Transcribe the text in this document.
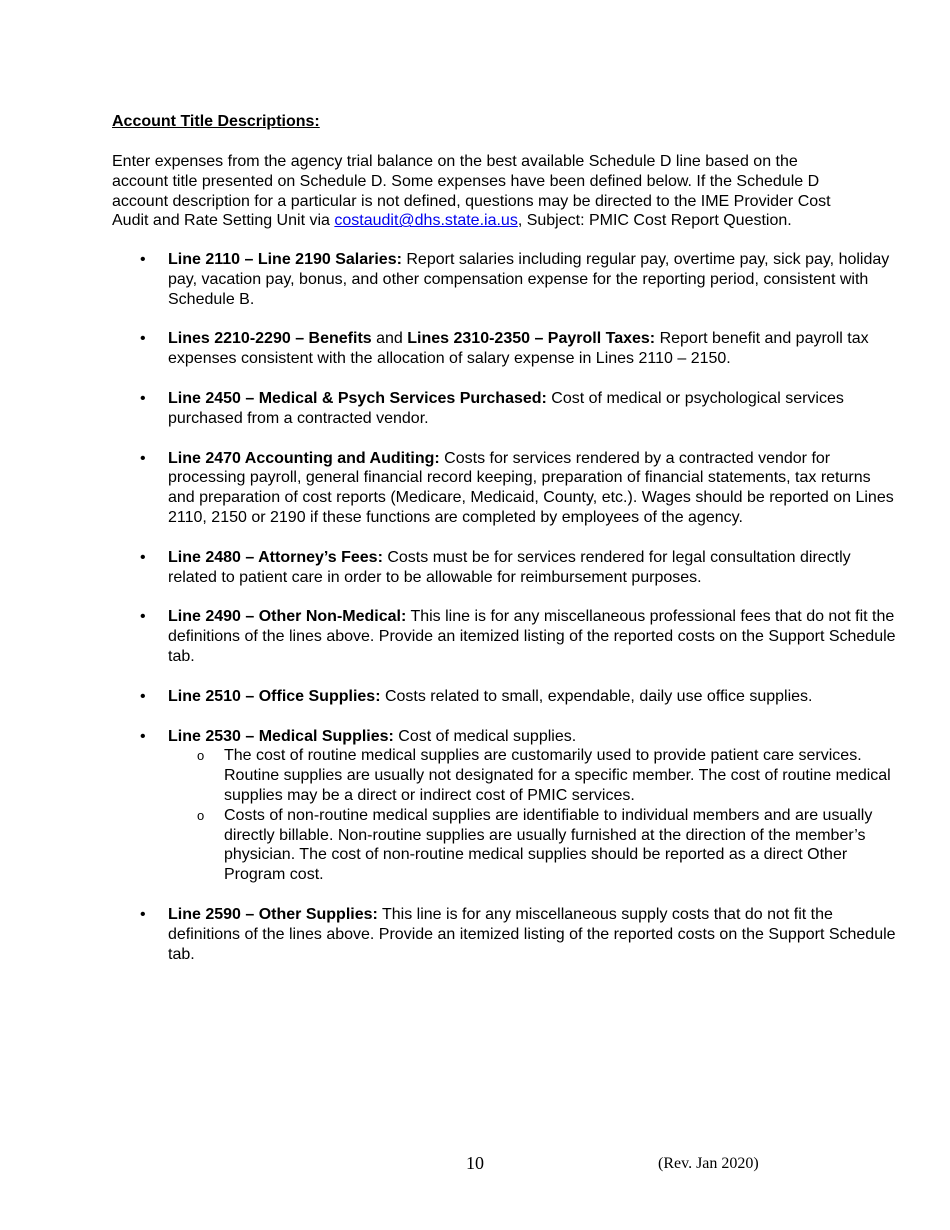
Account Title Descriptions:

Enter expenses from the agency trial balance on the best available Schedule D line based on the account title presented on Schedule D. Some expenses have been defined below. If the Schedule D account description for a particular is not defined, questions may be directed to the IME Provider Cost Audit and Rate Setting Unit via costaudit@dhs.state.ia.us, Subject: PMIC Cost Report Question.

• Line 2110 – Line 2190 Salaries: Report salaries including regular pay, overtime pay, sick pay, holiday pay, vacation pay, bonus, and other compensation expense for the reporting period, consistent with Schedule B.
• Lines 2210-2290 – Benefits and Lines 2310-2350 – Payroll Taxes: Report benefit and payroll tax expenses consistent with the allocation of salary expense in Lines 2110 – 2150.
• Line 2450 – Medical & Psych Services Purchased: Cost of medical or psychological services purchased from a contracted vendor.
• Line 2470 Accounting and Auditing: Costs for services rendered by a contracted vendor for processing payroll, general financial record keeping, preparation of financial statements, tax returns and preparation of cost reports (Medicare, Medicaid, County, etc.). Wages should be reported on Lines 2110, 2150 or 2190 if these functions are completed by employees of the agency.
• Line 2480 – Attorney’s Fees: Costs must be for services rendered for legal consultation directly related to patient care in order to be allowable for reimbursement purposes.
• Line 2490 – Other Non-Medical: This line is for any miscellaneous professional fees that do not fit the definitions of the lines above. Provide an itemized listing of the reported costs on the Support Schedule tab.
• Line 2510 – Office Supplies: Costs related to small, expendable, daily use office supplies.
• Line 2530 – Medical Supplies: Cost of medical supplies.
o The cost of routine medical supplies are customarily used to provide patient care services. Routine supplies are usually not designated for a specific member. The cost of routine medical supplies may be a direct or indirect cost of PMIC services.
o Costs of non-routine medical supplies are identifiable to individual members and are usually directly billable. Non-routine supplies are usually furnished at the direction of the member’s physician. The cost of non-routine medical supplies should be reported as a direct Other Program cost.
• Line 2590 – Other Supplies: This line is for any miscellaneous supply costs that do not fit the definitions of the lines above. Provide an itemized listing of the reported costs on the Support Schedule tab.
10	(Rev. Jan 2020)
